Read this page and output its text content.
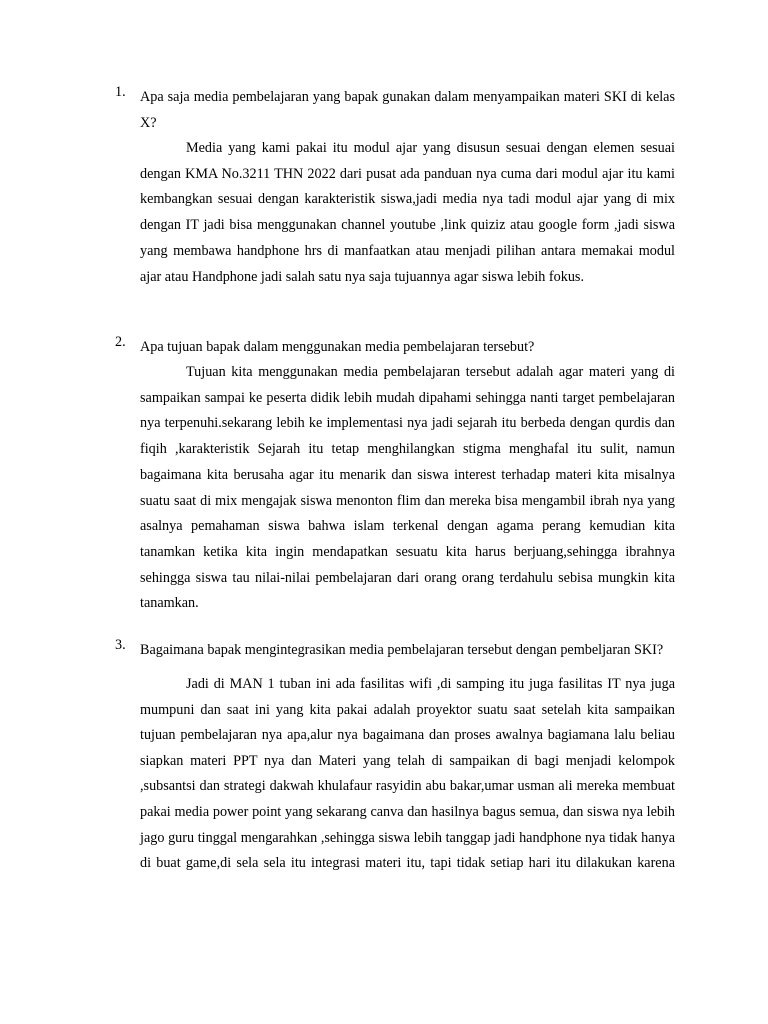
1.	Apa saja media pembelajaran yang bapak gunakan dalam menyampaikan materi SKI di kelas X?
Media yang kami pakai itu modul ajar yang disusun sesuai dengan elemen sesuai dengan KMA No.3211 THN 2022 dari pusat ada panduan nya cuma dari modul ajar itu kami kembangkan sesuai dengan karakteristik siswa,jadi media nya tadi modul ajar yang di mix dengan IT jadi bisa menggunakan channel youtube ,link quiziz atau google form ,jadi siswa yang membawa handphone hrs di manfaatkan atau menjadi pilihan antara memakai modul ajar atau Handphone jadi salah satu nya saja tujuannya agar siswa lebih fokus.
2.	Apa tujuan bapak dalam menggunakan media pembelajaran tersebut?
Tujuan kita menggunakan media pembelajaran tersebut adalah agar materi yang di sampaikan sampai ke peserta didik lebih mudah dipahami sehingga nanti target pembelajaran nya terpenuhi.sekarang lebih ke implementasi nya jadi sejarah itu berbeda dengan qurdis dan fiqih ,karakteristik Sejarah itu tetap menghilangkan stigma menghafal itu sulit, namun bagaimana kita berusaha agar itu menarik dan siswa interest terhadap materi kita misalnya suatu saat di mix mengajak siswa menonton flim dan mereka bisa mengambil ibrah nya yang asalnya pemahaman siswa bahwa islam terkenal dengan agama perang kemudian kita tanamkan ketika kita ingin mendapatkan sesuatu kita harus berjuang,sehingga ibrahnya sehingga siswa tau nilai-nilai pembelajaran dari orang orang terdahulu sebisa mungkin kita tanamkan.
3.	Bagaimana bapak mengintegrasikan media pembelajaran tersebut dengan pembeljaran SKI?
Jadi di MAN 1 tuban ini ada fasilitas wifi ,di samping itu juga fasilitas IT nya juga mumpuni dan saat ini yang kita pakai adalah proyektor suatu saat setelah kita sampaikan tujuan pembelajaran nya apa,alur nya bagaimana dan proses awalnya bagiamana lalu beliau siapkan materi PPT nya dan Materi yang telah di sampaikan di bagi menjadi kelompok ,subsantsi dan strategi dakwah khulafaur rasyidin abu bakar,umar usman ali mereka membuat pakai media power point yang sekarang canva dan hasilnya bagus semua, dan siswa nya lebih jago guru tinggal mengarahkan ,sehingga siswa lebih tanggap jadi handphone nya tidak hanya di buat game,di sela sela itu integrasi materi itu, tapi tidak setiap hari itu dilakukan karena
